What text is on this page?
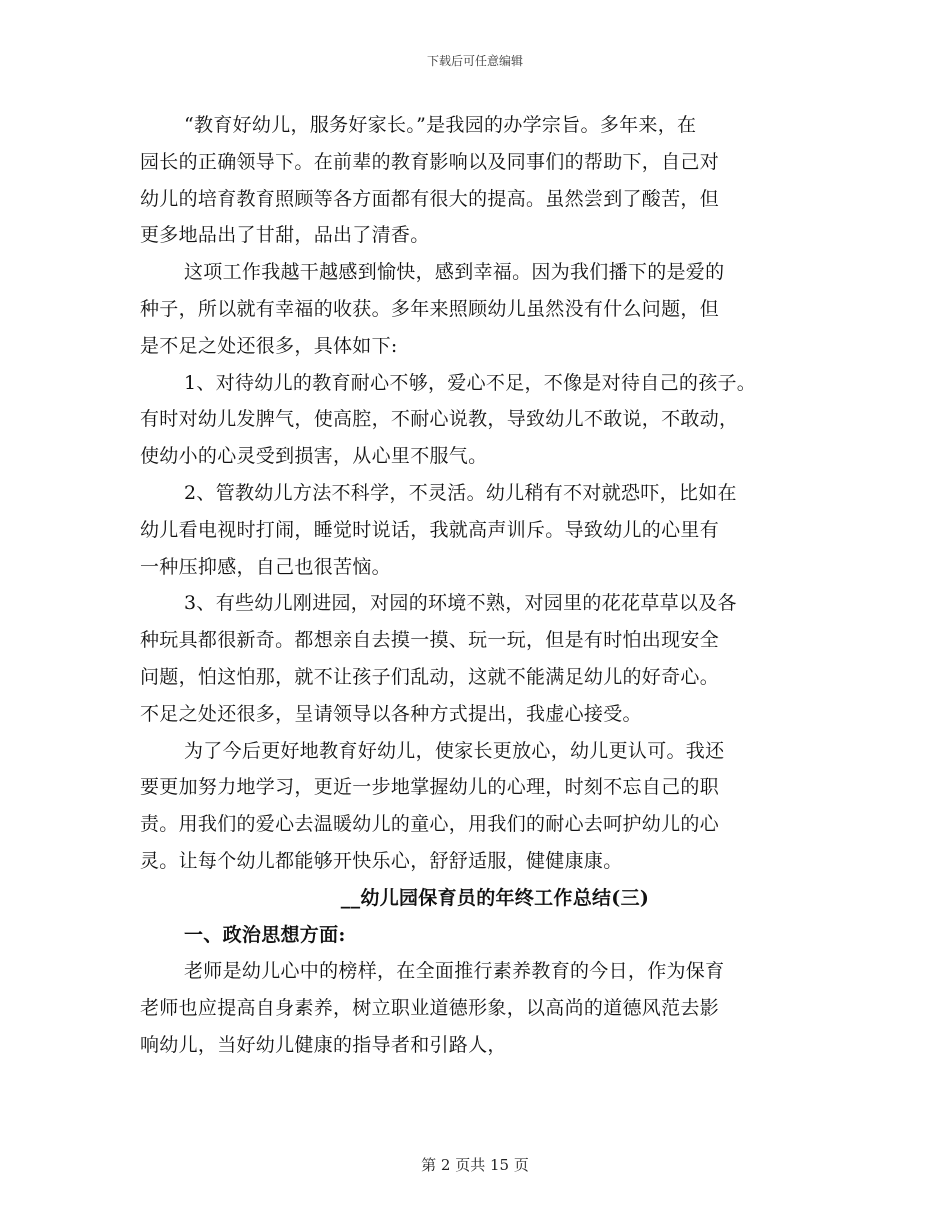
下载后可任意编辑
“教育好幼儿，服务好家长。”是我园的办学宗旨。多年来，在
园长的正确领导下。在前辈的教育影响以及同事们的帮助下，自己对
幼儿的培育教育照顾等各方面都有很大的提高。虽然尝到了酸苦，但
更多地品出了甘甜，品出了清香。
这项工作我越干越感到愉快，感到幸福。因为我们播下的是爱的
种子，所以就有幸福的收获。多年来照顾幼儿虽然没有什么问题，但
是不足之处还很多，具体如下:
1、对待幼儿的教育耐心不够，爱心不足，不像是对待自己的孩子。
有时对幼儿发脾气，使高腔，不耐心说教，导致幼儿不敢说，不敢动，
使幼小的心灵受到损害，从心里不服气。
2、管教幼儿方法不科学，不灵活。幼儿稍有不对就恐吓，比如在
幼儿看电视时打闹，睡觉时说话，我就高声训斥。导致幼儿的心里有
一种压抑感，自己也很苦恼。
3、有些幼儿刚进园，对园的环境不熟，对园里的花花草草以及各
种玩具都很新奇。都想亲自去摸一摸、玩一玩，但是有时怕出现安全
问题，怕这怕那，就不让孩子们乱动，这就不能满足幼儿的好奇心。
不足之处还很多，呈请领导以各种方式提出，我虚心接受。
为了今后更好地教育好幼儿，使家长更放心，幼儿更认可。我还
要更加努力地学习，更近一步地掌握幼儿的心理，时刻不忘自己的职
责。用我们的爱心去温暖幼儿的童心，用我们的耐心去呵护幼儿的心
灵。让每个幼儿都能够开快乐心，舒舒适服，健健康康。
__幼儿园保育员的年终工作总结(三)
一、政治思想方面:
老师是幼儿心中的榜样，在全面推行素养教育的今日，作为保育
老师也应提高自身素养，树立职业道德形象，以高尚的道德风范去影
响幼儿，当好幼儿健康的指导者和引路人，
第 2 页共 15 页
